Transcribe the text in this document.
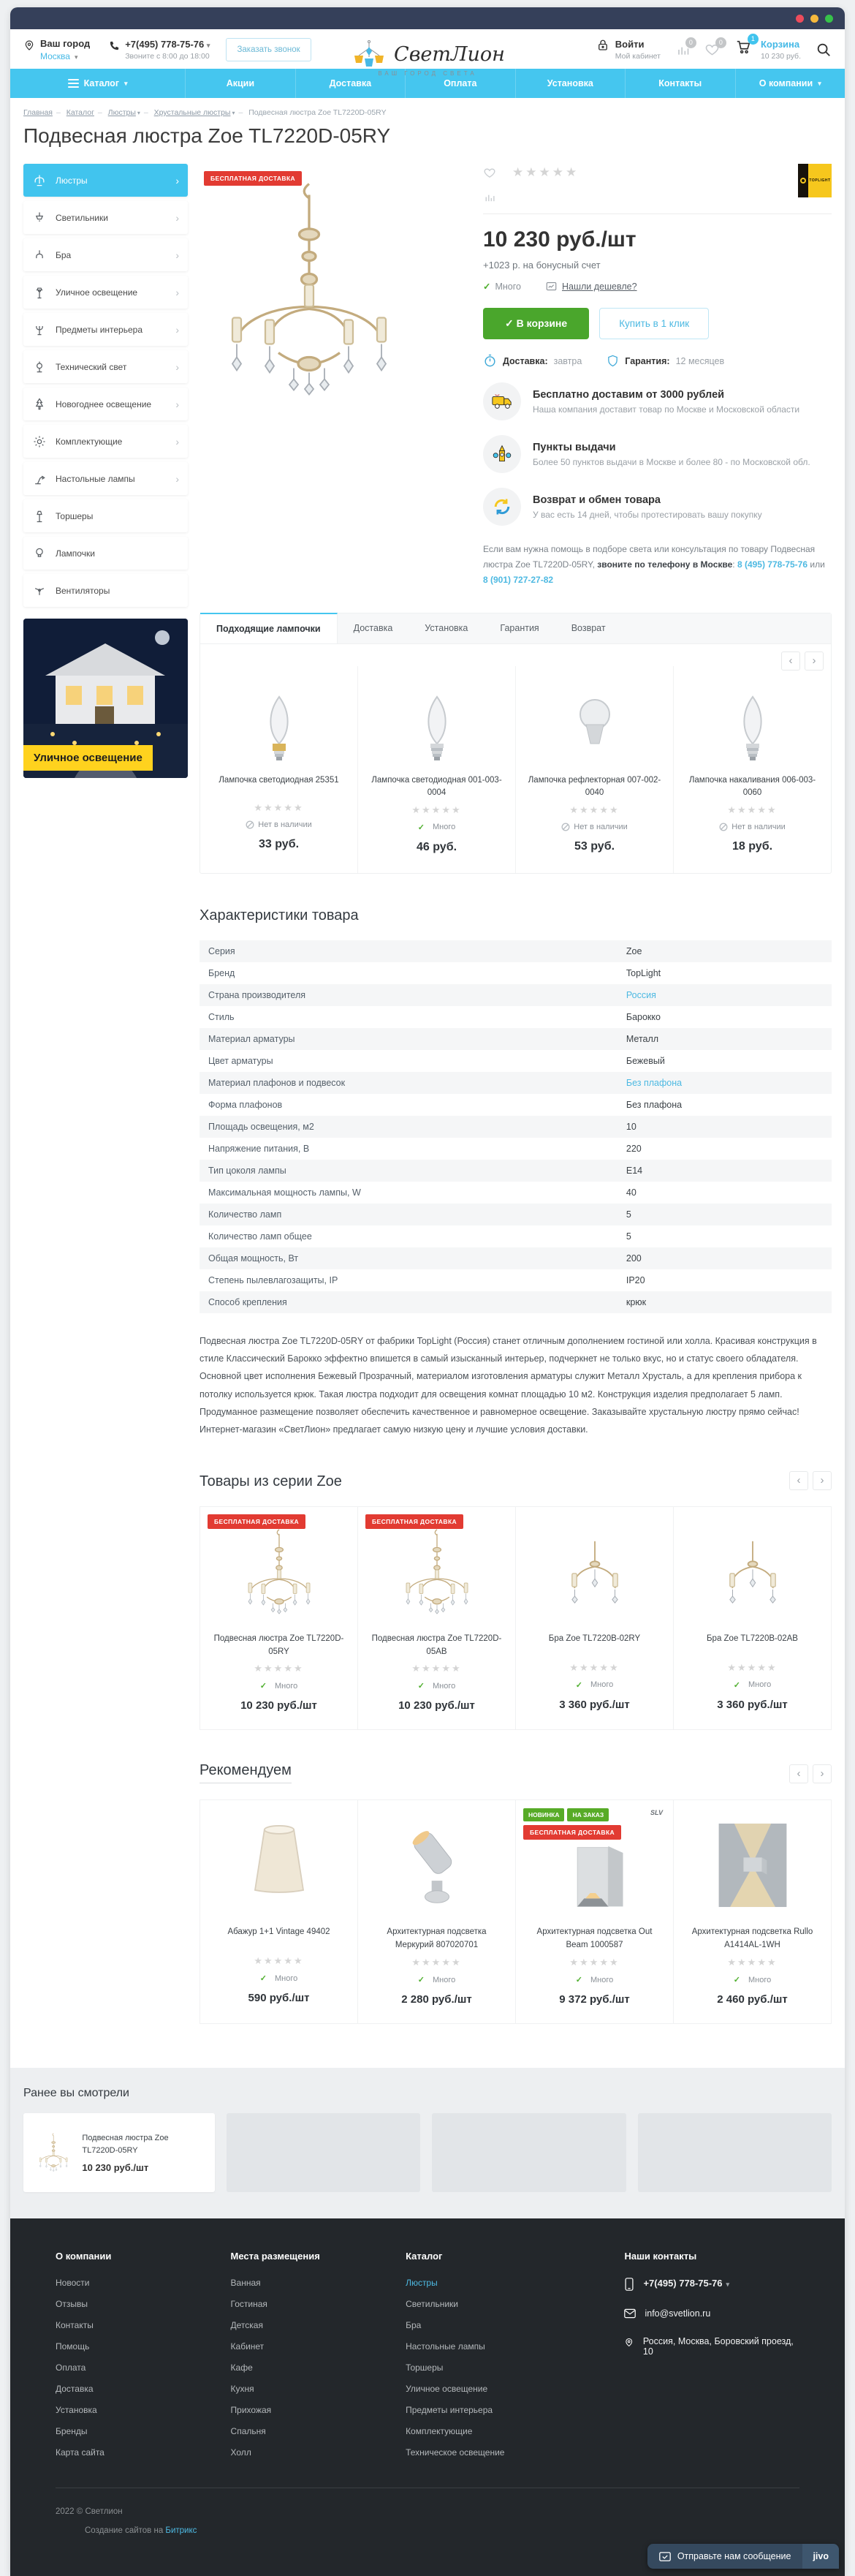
Ваш город
Москва ▾
+7(495) 778-75-76 ▾
Звоните с 8:00 до 18:00
Заказать звонок	СветЛион
ВАШ ГОРОД СВЕТА
Войти
Мой кабинет
0	0	1 Корзина
10 230 руб.
Каталог ▾	Акции	Доставка	Оплата	Установка	Контакты	О компании ▾
Главная – Каталог – Люстры ▾ – Хрустальные люстры ▾ – Подвесная люстра Zoe TL7220D-05RY
Подвесная люстра Zoe TL7220D-05RY
Люстры	›
Светильники	›
Бра	›
Уличное освещение	›
Предметы интерьера	›
Технический свет	›
Новогоднее освещение ›
Комплектующие	›
Настольные лампы	›
Торшеры
Лампочки
Вентиляторы
Уличное освещение
БЕСПЛАТНАЯ ДОСТАВКА	★★★★★
TOPLIGHT
10 230 руб./шт
+1023 р. на бонусный счет
✓ Много	Нашли дешевле?
✓ В корзине	Купить в 1 клик
Доставка: завтра	Гарантия: 12 месяцев
Бесплатно доставим от 3000 рублей
Наша компания доставит товар по Москве и Московской области
Пункты выдачи
Более 50 пунктов выдачи в Москве и более 80 - по Московской обл.
Возврат и обмен товара
У вас есть 14 дней, чтобы протестировать вашу покупку

Если вам нужна помощь в подборе света или консультация по товару Подвесная люстра Zoe TL7220D-05RY, звоните по телефону в Москве: 8 (495) 778-75-76 или 8 (901) 727-27-82

Подходящие лампочки	Доставка	Установка	Гарантия	Возврат
‹	›
Лампочка светодиодная 25351
★★★★★
Нет в наличии
33 руб.
Лампочка светодиодная 001-003-0004
★★★★★
✓ Много
46 руб.
Лампочка рефлекторная 007-002-0040
★★★★★
Нет в наличии
53 руб.
Лампочка накаливания 006-003-0060
★★★★★
Нет в наличии
18 руб.
Характеристики товара
Серия	Zoe
Бренд	TopLight
Страна производителя	Россия
Стиль	Барокко
Материал арматуры	Металл
Цвет арматуры	Бежевый
Материал плафонов и подвесок	Без плафона
Форма плафонов	Без плафона
Площадь освещения, м2	10
Напряжение питания, В	220
Тип цоколя лампы	E14
Максимальная мощность лампы, W	40
Количество ламп	5
Количество ламп общее	5
Общая мощность, Вт	200
Степень пылевлагозащиты, IP	IP20
Способ крепления	крюк

Подвесная люстра Zoe TL7220D-05RY от фабрики TopLight (Россия) станет отличным дополнением гостиной или холла. Красивая конструкция в стиле Классический Барокко эффектно впишется в самый изысканный интерьер, подчеркнет не только вкус, но и статус своего обладателя. Основной цвет исполнения Бежевый Прозрачный, материалом изготовления арматуры служит Металл Хрусталь, а для крепления прибора к потолку используется крюк. Такая люстра подходит для освещения комнат площадью 10 м2. Конструкция изделия предполагает 5 ламп. Продуманное размещение позволяет обеспечить качественное и равномерное освещение. Заказывайте хрустальную люстру прямо сейчас! Интернет-магазин «СветЛион» предлагает самую низкую цену и лучшие условия доставки.

Товары из серии Zoe	‹	›
БЕСПЛАТНАЯ ДОСТАВКА
Подвесная люстра Zoe TL7220D-05RY
★★★★★
✓ Много
10 230 руб./шт
БЕСПЛАТНАЯ ДОСТАВКА
Подвесная люстра Zoe TL7220D-05AB
★★★★★
✓ Много
10 230 руб./шт
Бра Zoe TL7220B-02RY
★★★★★
✓ Много
3 360 руб./шт
Бра Zoe TL7220B-02AB
★★★★★
✓ Много
3 360 руб./шт
Рекомендуем	‹	›
Абажур 1+1 Vintage 49402
★★★★★
✓ Много
590 руб./шт
Архитектурная подсветка Меркурий 807020701
★★★★★
✓ Много
2 280 руб./шт
НОВИНКА НА ЗАКАЗ
БЕСПЛАТНАЯ ДОСТАВКА
SLV
Архитектурная подсветка Out Beam 1000587
★★★★★
✓ Много
9 372 руб./шт
Архитектурная подсветка Rullo A1414AL-1WH
★★★★★
✓ Много
2 460 руб./шт
Ранее вы смотрели
Подвесная люстра Zoe TL7220D-05RY
10 230 руб./шт
О компании
Новости
Отзывы
Контакты
Помощь
Оплата
Доставка
Установка
Бренды
Карта сайта
Места размещения
Ванная
Гостиная
Детская
Кабинет
Кафе
Кухня
Прихожая
Спальня
Холл
Каталог
Люстры
Светильники
Бра
Настольные лампы
Торшеры
Уличное освещение
Предметы интерьера
Комплектующие
Техническое освещение
Наши контакты
+7(495) 778-75-76 ▾
info@svetlion.ru
Россия, Москва, Боровский проезд, 10
2022 © Светлион
Создание сайтов на Битрикс
Отправьте нам сообщение	jivo
